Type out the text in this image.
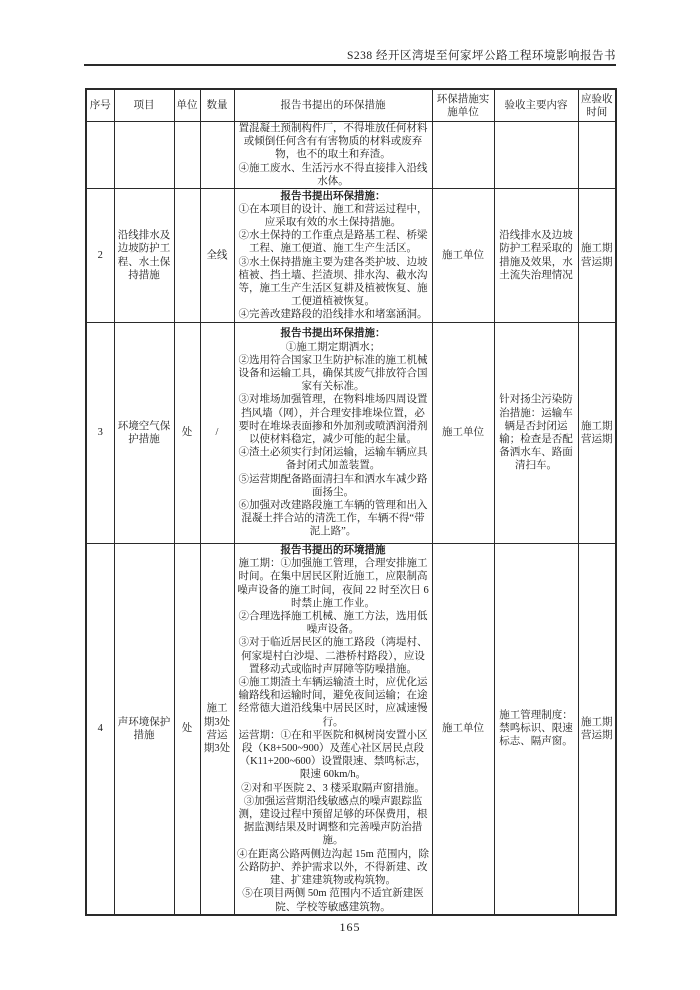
S238 经开区湾堤至何家坪公路工程环境影响报告书
序号	项目	单位	数量	报告书提出的环保措施	环保措施实施单位	验收主要内容	应验收时间

				置混凝土预制构件厂，不得堆放任何材料或倾倒任何含有有害物质的材料或废弃物，也不的取土和弃渣。
④施工废水、生活污水不得直接排入沿线水体。			

2	沿线排水及边坡防护工程、水土保持措施		全线	报告书提出环保措施：
①在本项目的设计、施工和营运过程中，应采取有效的水土保持措施。
②水土保持的工作重点是路基工程、桥梁工程、施工便道、施工生产生活区。
③水土保持措施主要为建各类护坡、边坡植被、挡土墙、拦渣坝、排水沟、截水沟等，施工生产生活区复耕及植被恢复、施工便道植被恢复。
④完善改建路段的沿线排水和堵塞涵洞。	施工单位	沿线排水及边坡防护工程采取的措施及效果，水土流失治理情况	施工期营运期
3	环境空气保护措施	处	/	
报告书提出环保措施：
①施工期定期洒水；
②选用符合国家卫生防护标准的施工机械设备和运输工具，确保其废气排放符合国家有关标准。
③对堆场加强管理，在物料堆场四周设置挡风墙（网），并合理安排堆垛位置，必要时在堆垛表面掺和外加剂或喷洒润滑剂以使材料稳定，减少可能的起尘量。
④渣土必须实行封闭运输，运输车辆应具备封闭式加盖装置。
⑤运营期配备路面清扫车和洒水车减少路面扬尘。
⑥加强对改建路段施工车辆的管理和出入混凝土拌合站的清洗工作，车辆不得“带泥上路”。
	施工单位	针对扬尘污染防治措施：运输车辆是否封闭运输；检查是否配备洒水车、路面清扫车。	施工期营运期
4	声环境保护措施	处	施工期3处 营运期3处	
报告书提出的环境措施
施工期：①加强施工管理，合理安排施工时间。在集中居民区附近施工，应限制高噪声设备的施工时间，夜间 22 时至次日 6 时禁止施工作业。
②合理选择施工机械、施工方法，选用低噪声设备。
③对于临近居民区的施工路段（湾堤村、何家堤村白沙堤、二港桥村路段），应设置移动式或临时声屏障等防噪措施。
④施工期渣土车辆运输渣土时，应优化运输路线和运输时间，避免夜间运输；在途经常德大道沿线集中居民区时，应减速慢行。
运营期：①在和平医院和枫树岗安置小区段（K8+500~900）及莲心社区居民点段（K11+200~600）设置限速、禁鸣标志，限速 60km/h。
②对和平医院 2、3 楼采取隔声窗措施。
③加强运营期沿线敏感点的噪声跟踪监测，建设过程中预留足够的环保费用，根据监测结果及时调整和完善噪声防治措施。
④在距离公路两侧边沟起 15m 范围内，除公路防护、养护需求以外，不得新建、改建、扩建建筑物或构筑物。
⑤在项目两侧 50m 范围内不适宜新建医院、学校等敏感建筑物。
	施工单位	施工管理制度：禁鸣标识、限速标志、隔声窗。	施工期营运期
165
